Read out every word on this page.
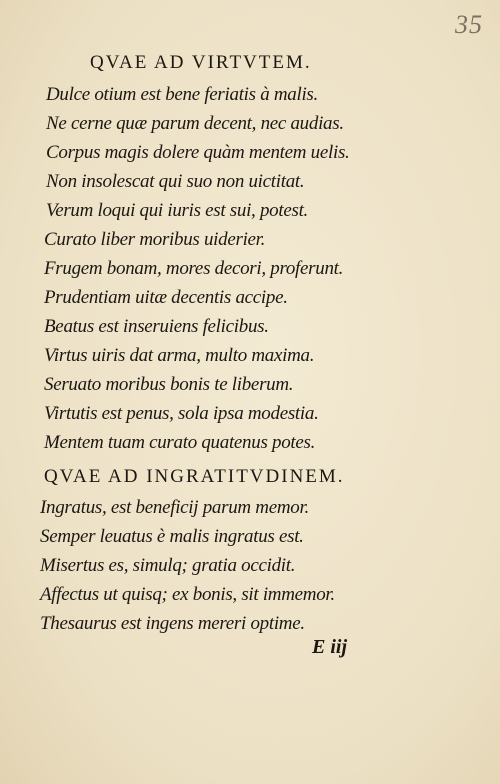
35
QVAE AD VIRTVTEM.
Dulce otium est bene feriatis à malis.
Ne cerne quæ parum decent, nec audias.
Corpus magis dolere quàm mentem uelis.
Non insolescat qui suo non uictitat.
Verum loqui qui iuris est sui, potest.
Curato liber moribus uiderier.
Frugem bonam, mores decori, proferunt.
Prudentiam uitæ decentis accipe.
Beatus est inseruiens felicibus.
Virtus uiris dat arma, multo maxima.
Seruato moribus bonis te liberum.
Virtutis est penus, sola ipsa modestia.
Mentem tuam curato quatenus potes.
QVAE AD INGRATITVDINEM.
Ingratus, est beneficij parum memor.
Semper leuatus è malis ingratus est.
Misertus es, simulq; gratia occidit.
Affectus ut quisq; ex bonis, sit immemor.
Thesaurus est ingens mereri optime.
E iij
